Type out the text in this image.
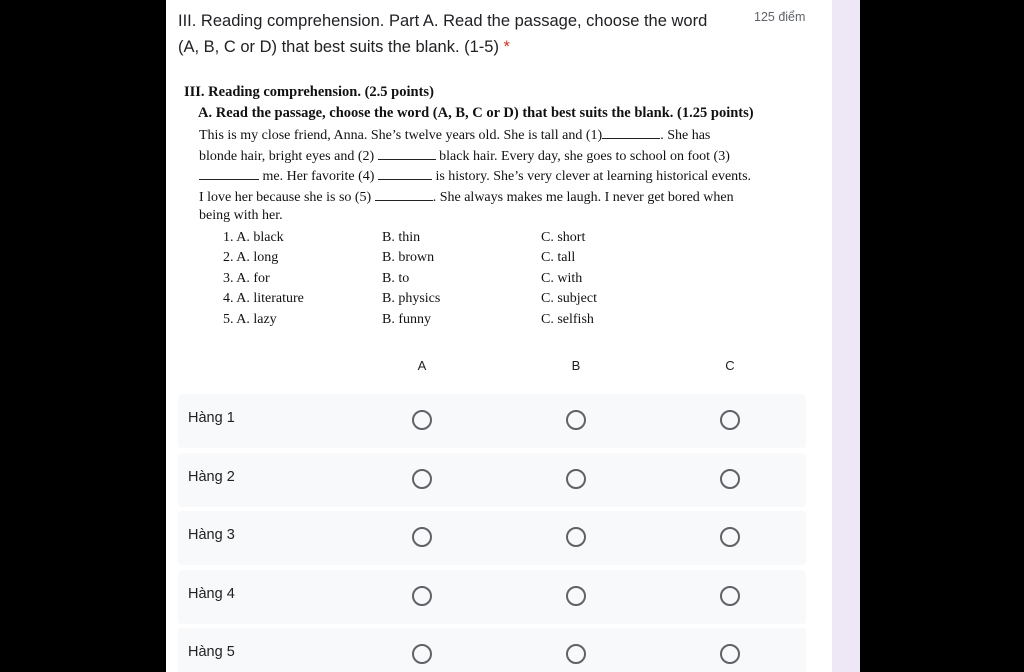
III. Reading comprehension. Part A. Read the passage, choose the word
(A, B, C or D) that best suits the blank. (1-5) *
125 điểm
III. Reading comprehension. (2.5 points)
A. Read the passage, choose the word (A, B, C or D) that best suits the blank. (1.25 points)
This is my close friend, Anna. She’s twelve years old. She is tall and (1)	. She has
blonde hair, bright eyes and (2)	black hair. Every day, she goes to school on foot (3)
me. Her favorite (4)	is history. She’s very clever at learning historical events.
I love her because she is so (5)	. She always makes me laugh. I never get bored when
being with her.
1. A. black	B. thin	C. short
2. A. long	B. brown	C. tall
3. A. for	B. to	C. with
4. A. literature	B. physics	C. subject
5. A. lazy	B. funny	C. selfish
A	B	C
Hàng 1
Hàng 2
Hàng 3
Hàng 4
Hàng 5
